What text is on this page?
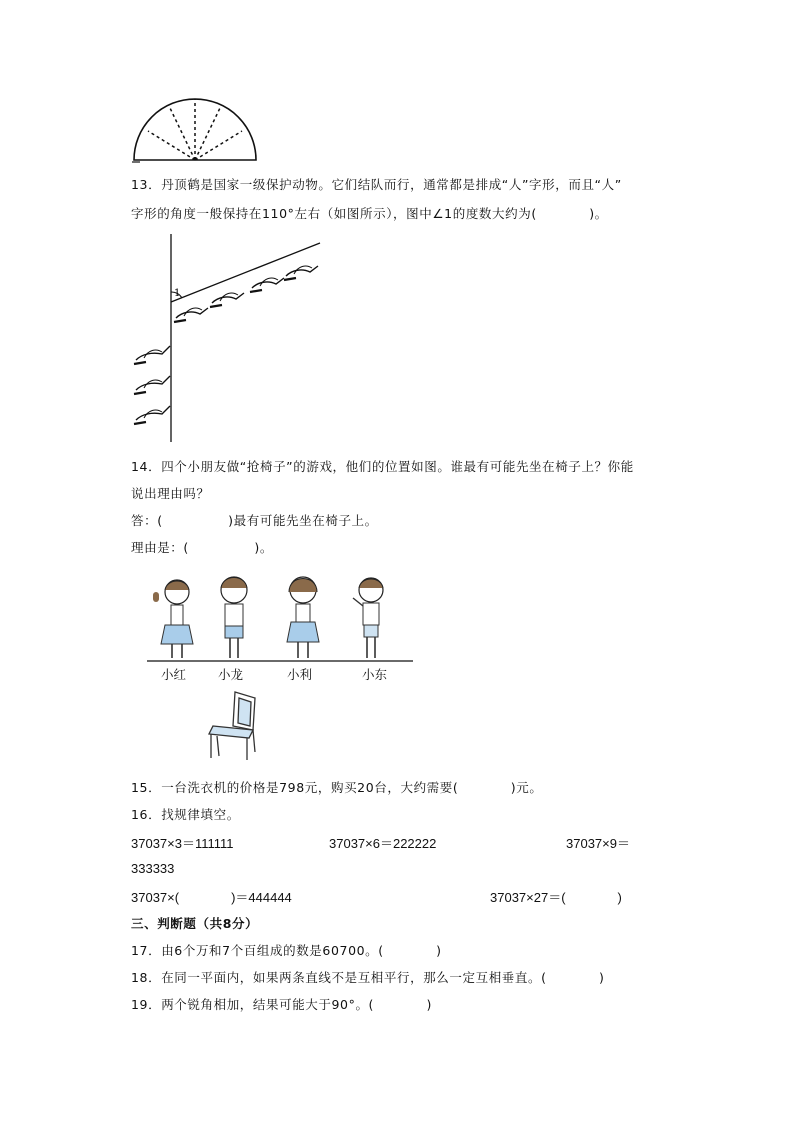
13．丹顶鹤是国家一级保护动物。它们结队而行，通常都是排成“人”字形，而且“人”
字形的角度一般保持在110°左右（如图所示），图中∠1的度数大约为(　　　　)。
1
14．四个小朋友做“抢椅子”的游戏，他们的位置如图。谁最有可能先坐在椅子上？你能
说出理由吗？
答：(　　　　　)最有可能先坐在椅子上。
理由是：(　　　　　)。
小红	小龙	小利	小东
15．一台洗衣机的价格是798元，购买20台，大约需要(　　　　)元。
16．找规律填空。
37037×3＝111111	37037×6＝222222	37037×9＝
333333
37037×(　　　　)＝444444	37037×27＝(　　　　)
三、判断题（共8分）
17．由6个万和7个百组成的数是60700。(　　　　)
18．在同一平面内，如果两条直线不是互相平行，那么一定互相垂直。(　　　　)
19．两个锐角相加，结果可能大于90°。(　　　　)
